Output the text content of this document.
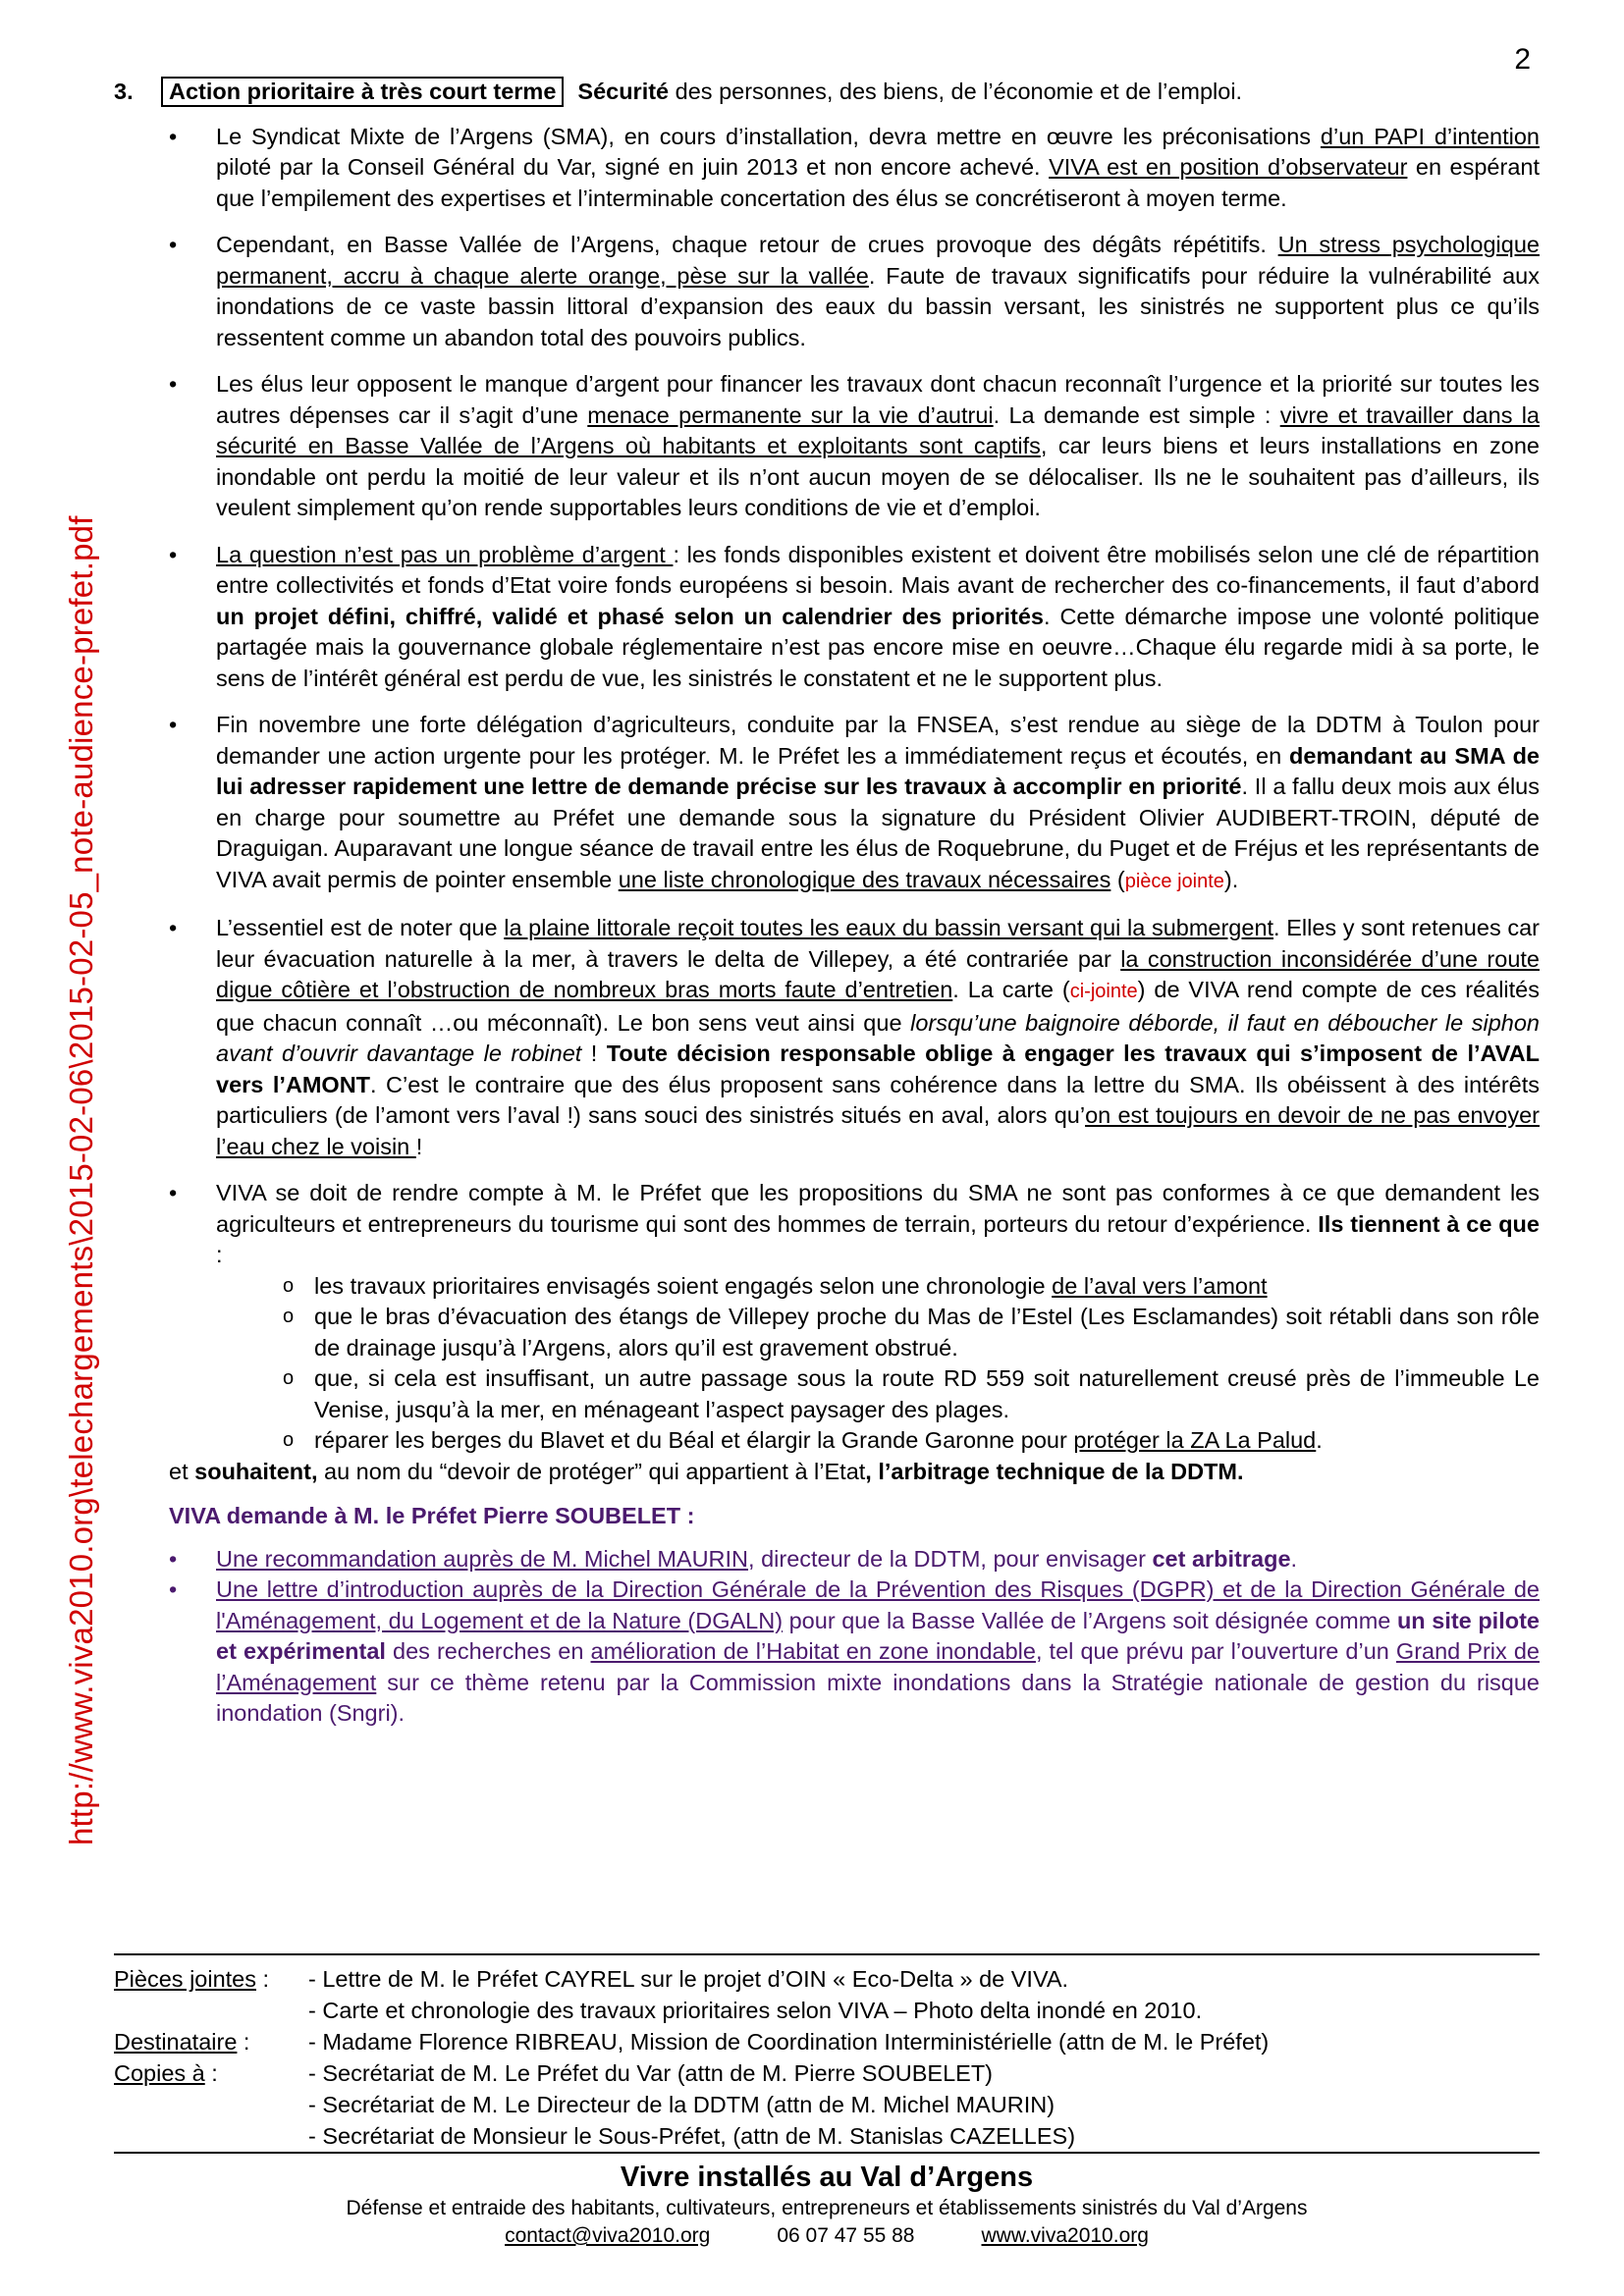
2
http://www.viva2010.org\telechargements\2015-02-06\2015-02-05_note-audience-prefet.pdf
3.	Action prioritaire à très court terme Sécurité des personnes, des biens, de l’économie et de l’emploi.
• Le Syndicat Mixte de l’Argens (SMA), en cours d’installation, devra mettre en œuvre les préconisations d’un PAPI d’intention piloté par la Conseil Général du Var, signé en juin 2013 et non encore achevé. VIVA est en position d’observateur en espérant que l’empilement des expertises et l’interminable concertation des élus se concrétiseront à moyen terme.
• Cependant, en Basse Vallée de l’Argens, chaque retour de crues provoque des dégâts répétitifs. Un stress psychologique permanent, accru à chaque alerte orange, pèse sur la vallée. Faute de travaux significatifs pour réduire la vulnérabilité aux inondations de ce vaste bassin littoral d’expansion des eaux du bassin versant, les sinistrés ne supportent plus ce qu’ils ressentent comme un abandon total des pouvoirs publics.
• Les élus leur opposent le manque d’argent pour financer les travaux dont chacun reconnaît l’urgence et la priorité sur toutes les autres dépenses car il s’agit d’une menace permanente sur la vie d’autrui. La demande est simple : vivre et travailler dans la sécurité en Basse Vallée de l’Argens où habitants et exploitants sont captifs, car leurs biens et leurs installations en zone inondable ont perdu la moitié de leur valeur et ils n’ont aucun moyen de se délocaliser. Ils ne le souhaitent pas d’ailleurs, ils veulent simplement qu’on rende supportables leurs conditions de vie et d’emploi.
• La question n’est pas un problème d’argent : les fonds disponibles existent et doivent être mobilisés selon une clé de répartition entre collectivités et fonds d’Etat voire fonds européens si besoin. Mais avant de rechercher des co-financements, il faut d’abord un projet défini, chiffré, validé et phasé selon un calendrier des priorités. Cette démarche impose une volonté politique partagée mais la gouvernance globale réglementaire n’est pas encore mise en oeuvre…Chaque élu regarde midi à sa porte, le sens de l’intérêt général est perdu de vue, les sinistrés le constatent et ne le supportent plus.
• Fin novembre une forte délégation d’agriculteurs, conduite par la FNSEA, s’est rendue au siège de la DDTM à Toulon pour demander une action urgente pour les protéger. M. le Préfet les a immédiatement reçus et écoutés, en demandant au SMA de lui adresser rapidement une lettre de demande précise sur les travaux à accomplir en priorité. Il a fallu deux mois aux élus en charge pour soumettre au Préfet une demande sous la signature du Président Olivier AUDIBERT-TROIN, député de Draguigan. Auparavant une longue séance de travail entre les élus de Roquebrune, du Puget et de Fréjus et les représentants de VIVA avait permis de pointer ensemble une liste chronologique des travaux nécessaires (pièce jointe).
• L’essentiel est de noter que la plaine littorale reçoit toutes les eaux du bassin versant qui la submergent. Elles y sont retenues car leur évacuation naturelle à la mer, à travers le delta de Villepey, a été contrariée par la construction inconsidérée d’une route digue côtière et l’obstruction de nombreux bras morts faute d’entretien. La carte (ci-jointe) de VIVA rend compte de ces réalités que chacun connaît …ou méconnaît). Le bon sens veut ainsi que lorsqu’une baignoire déborde, il faut en déboucher le siphon avant d’ouvrir davantage le robinet ! Toute décision responsable oblige à engager les travaux qui s’imposent de l’AVAL vers l’AMONT. C’est le contraire que des élus proposent sans cohérence dans la lettre du SMA. Ils obéissent à des intérêts particuliers (de l’amont vers l’aval !) sans souci des sinistrés situés en aval, alors qu’on est toujours en devoir de ne pas envoyer l’eau chez le voisin !
• VIVA se doit de rendre compte à M. le Préfet que les propositions du SMA ne sont pas conformes à ce que demandent les agriculteurs et entrepreneurs du tourisme qui sont des hommes de terrain, porteurs du retour d’expérience. Ils tiennent à ce que :
o les travaux prioritaires envisagés soient engagés selon une chronologie de l’aval vers l’amont
o que le bras d’évacuation des étangs de Villepey proche du Mas de l’Estel (Les Esclamandes) soit rétabli dans son rôle de drainage jusqu’à l’Argens, alors qu’il est gravement obstrué.
o que, si cela est insuffisant, un autre passage sous la route RD 559 soit naturellement creusé près de l’immeuble Le Venise, jusqu’à la mer, en ménageant l’aspect paysager des plages.
o réparer les berges du Blavet et du Béal et élargir la Grande Garonne pour protéger la ZA La Palud.
et souhaitent, au nom du “devoir de protéger” qui appartient à l’Etat, l’arbitrage technique de la DDTM.
VIVA demande à M. le Préfet Pierre SOUBELET :
• Une recommandation auprès de M. Michel MAURIN, directeur de la DDTM, pour envisager cet arbitrage.
• Une lettre d’introduction auprès de la Direction Générale de la Prévention des Risques (DGPR) et de la Direction Générale de l'Aménagement, du Logement et de la Nature (DGALN) pour que la Basse Vallée de l’Argens soit désignée comme un site pilote et expérimental des recherches en amélioration de l’Habitat en zone inondable, tel que prévu par l’ouverture d’un Grand Prix de l’Aménagement sur ce thème retenu par la Commission mixte inondations dans la Stratégie nationale de gestion du risque inondation (Sngri).
Pièces jointes :	- Lettre de M. le Préfet CAYREL sur le projet d’OIN « Eco-Delta » de VIVA.
- Carte et chronologie des travaux prioritaires selon VIVA – Photo delta inondé en 2010.
Destinataire :	- Madame Florence RIBREAU, Mission de Coordination Interministérielle (attn de M. le Préfet)
Copies à :	- Secrétariat de M. Le Préfet du Var (attn de M. Pierre SOUBELET)
- Secrétariat de M. Le Directeur de la DDTM (attn de M. Michel MAURIN)
- Secrétariat de Monsieur le Sous-Préfet, (attn de M. Stanislas CAZELLES)
Vivre installés au Val d’Argens
Défense et entraide des habitants, cultivateurs, entrepreneurs et établissements sinistrés du Val d’Argens
contact@viva2010.org	06 07 47 55 88	www.viva2010.org
